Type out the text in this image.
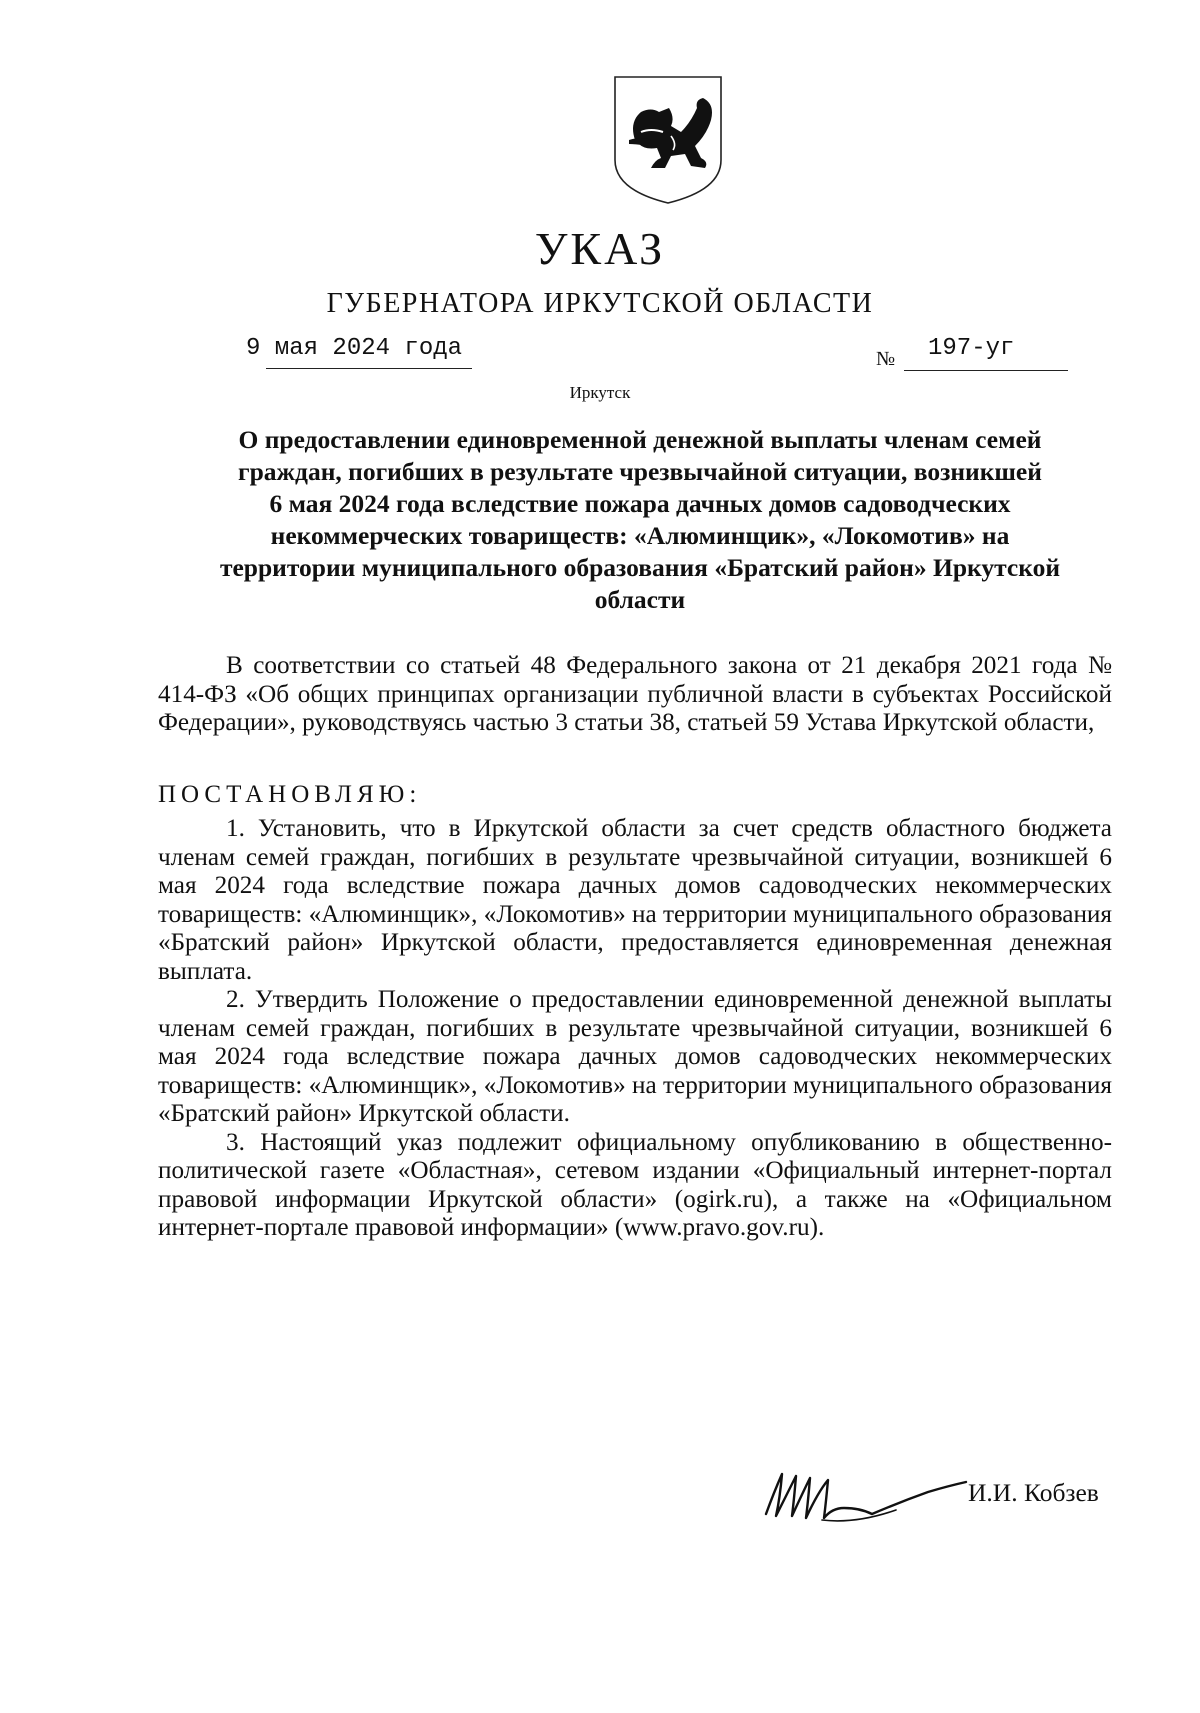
УКАЗ
ГУБЕРНАТОРА ИРКУТСКОЙ ОБЛАСТИ
9 мая 2024 года	№ 197-уг
Иркутск
О предоставлении единовременной денежной выплаты членам семей
граждан, погибших в результате чрезвычайной ситуации, возникшей
6 мая 2024 года вследствие пожара дачных домов садоводческих
некоммерческих товариществ: «Алюминщик», «Локомотив» на
территории муниципального образования «Братский район» Иркутской
области

В соответствии со статьей 48 Федерального закона от 21 декабря 2021 года № 414-ФЗ «Об общих принципах организации публичной власти в субъектах Российской Федерации», руководствуясь частью 3 статьи 38, статьей 59 Устава Иркутской области,

ПОСТАНОВЛЯЮ:

1. Установить, что в Иркутской области за счет средств областного бюджета членам семей граждан, погибших в результате чрезвычайной ситуации, возникшей 6 мая 2024 года вследствие пожара дачных домов садоводческих некоммерческих товариществ: «Алюминщик», «Локомотив» на территории муниципального образования «Братский район» Иркутской области, предоставляется единовременная денежная выплата.

2. Утвердить Положение о предоставлении единовременной денежной выплаты членам семей граждан, погибших в результате чрезвычайной ситуации, возникшей 6 мая 2024 года вследствие пожара дачных домов садоводческих некоммерческих товариществ: «Алюминщик», «Локомотив» на территории муниципального образования «Братский район» Иркутской области.

3. Настоящий указ подлежит официальному опубликованию в общественно-политической газете «Областная», сетевом издании «Официальный интернет-портал правовой информации Иркутской области» (ogirk.ru), а также на «Официальном интернет-портале правовой информации» (www.pravo.gov.ru).

И.И. Кобзев
